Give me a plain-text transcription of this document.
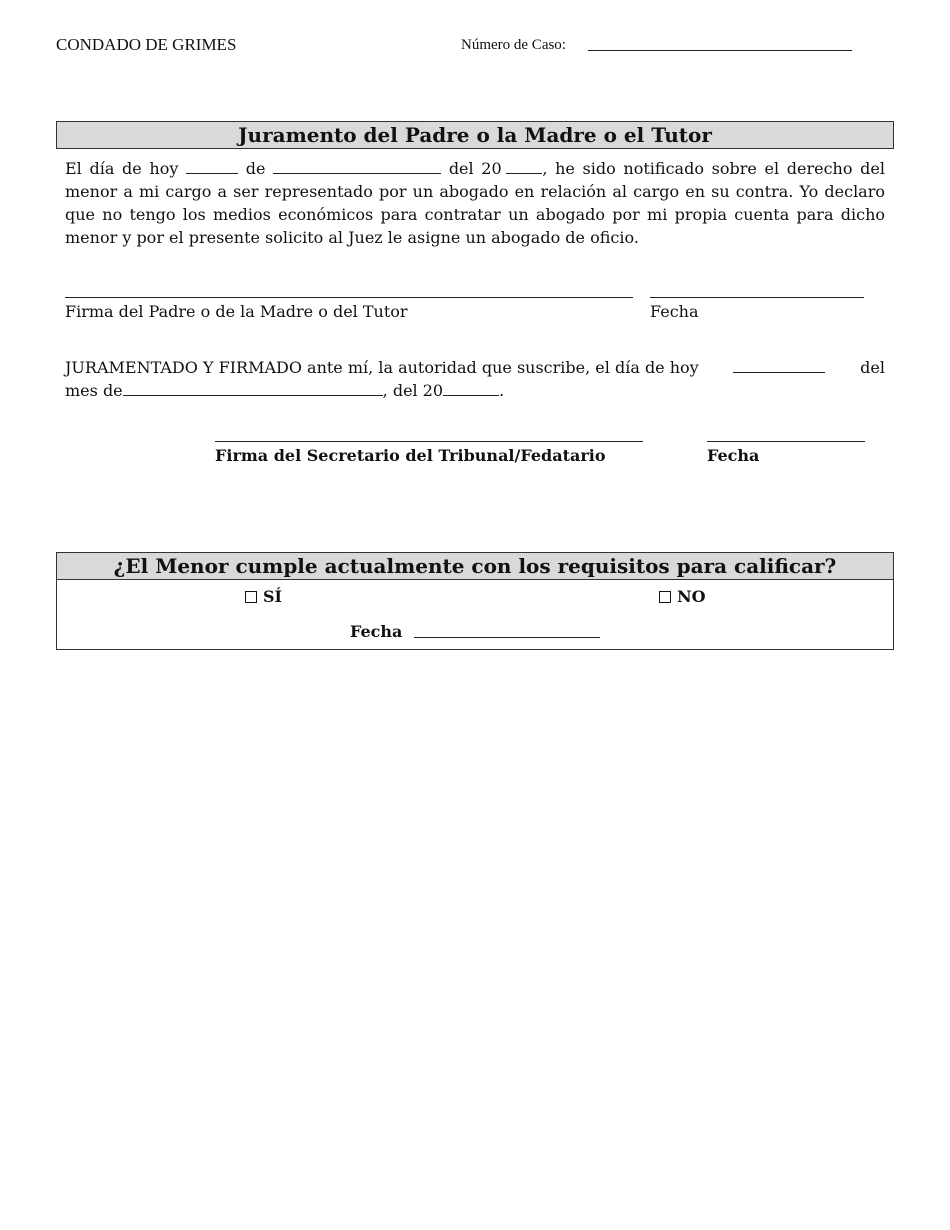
CONDADO DE GRIMES	Número de Caso:
Juramento del Padre o la Madre o el Tutor
El día de hoy	de	del 20	, he sido notificado sobre el derecho del menor a mi cargo a ser representado por un abogado en relación al cargo en su contra. Yo declaro que no tengo los medios económicos para contratar un abogado por mi propia cuenta para dicho menor y por el presente solicito al Juez le asigne un abogado de oficio.
Firma del Padre o de la Madre o del Tutor	Fecha
JURAMENTADO Y FIRMADO ante mí, la autoridad que suscribe, el día de hoy	del
mes de	, del 20	.
Firma del Secretario del Tribunal/Fedatario	Fecha
¿El Menor cumple actualmente con los requisitos para calificar?
SÍ	NO
Fecha
